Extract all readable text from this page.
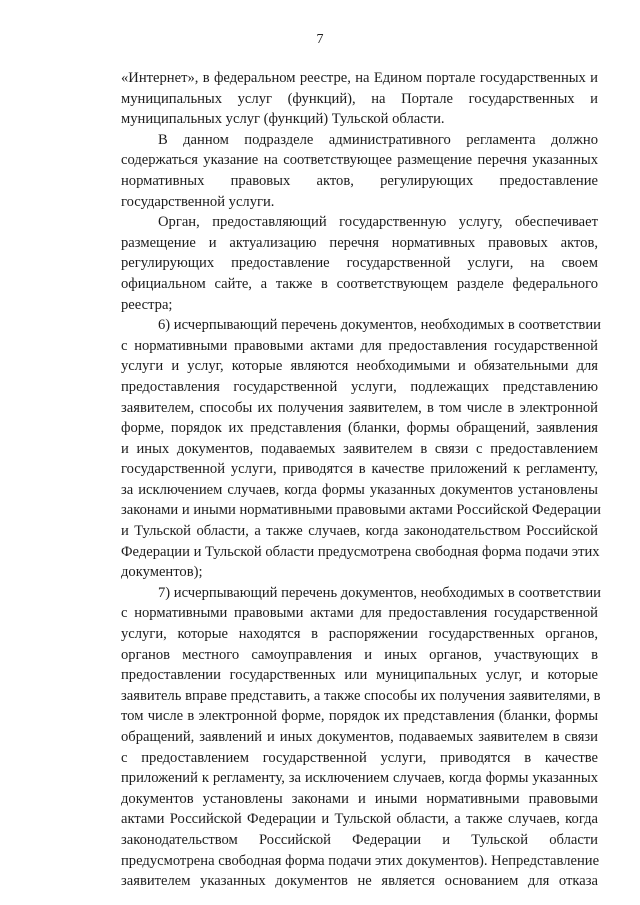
7
«Интернет», в федеральном реестре, на Едином портале государственных и
муниципальных услуг (функций), на Портале государственных и
муниципальных услуг (функций) Тульской области.
В данном подразделе административного регламента должно
содержаться указание на соответствующее размещение перечня указанных
нормативных правовых актов, регулирующих предоставление
государственной услуги.
Орган, предоставляющий государственную услугу, обеспечивает
размещение и актуализацию перечня нормативных правовых актов,
регулирующих предоставление государственной услуги, на своем
официальном сайте, а также в соответствующем разделе федерального
реестра;
6) исчерпывающий перечень документов, необходимых в соответствии
с нормативными правовыми актами для предоставления государственной
услуги и услуг, которые являются необходимыми и обязательными для
предоставления государственной услуги, подлежащих представлению
заявителем, способы их получения заявителем, в том числе в электронной
форме, порядок их представления (бланки, формы обращений, заявления
и иных документов, подаваемых заявителем в связи с предоставлением
государственной услуги, приводятся в качестве приложений к регламенту,
за исключением случаев, когда формы указанных документов установлены
законами и иными нормативными правовыми актами Российской Федерации
и Тульской области, а также случаев, когда законодательством Российской
Федерации и Тульской области предусмотрена свободная форма подачи этих
документов);
7) исчерпывающий перечень документов, необходимых в соответствии
с нормативными правовыми актами для предоставления государственной
услуги, которые находятся в распоряжении государственных органов,
органов местного самоуправления и иных органов, участвующих в
предоставлении государственных или муниципальных услуг, и которые
заявитель вправе представить, а также способы их получения заявителями, в
том числе в электронной форме, порядок их представления (бланки, формы
обращений, заявлений и иных документов, подаваемых заявителем в связи
с предоставлением государственной услуги, приводятся в качестве
приложений к регламенту, за исключением случаев, когда формы указанных
документов установлены законами и иными нормативными правовыми
актами Российской Федерации и Тульской области, а также случаев, когда
законодательством Российской Федерации и Тульской области
предусмотрена свободная форма подачи этих документов). Непредставление
заявителем указанных документов не является основанием для отказа
